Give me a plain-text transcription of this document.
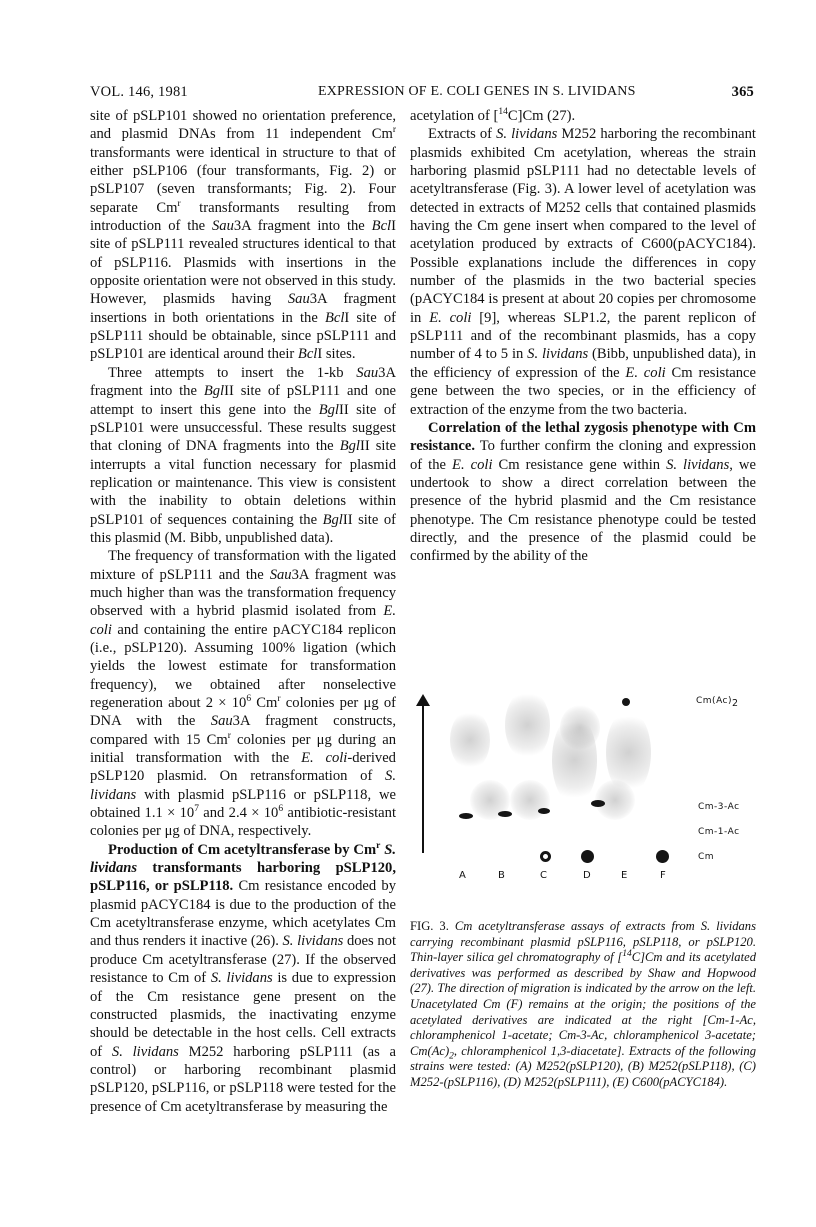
VOL. 146, 1981	EXPRESSION OF E. COLI GENES IN S. LIVIDANS	365

site of pSLP101 showed no orientation preference, and plasmid DNAs from 11 independent Cm$^r$ transformants were identical in structure to that of either pSLP106 (four transformants, Fig. 2) or pSLP107 (seven transformants; Fig. 2). Four separate Cm$^r$ transformants resulting from introduction of the Sau3A fragment into the BclI site of pSLP111 revealed structures identical to that of pSLP116. Plasmids with insertions in the opposite orientation were not observed in this study. However, plasmids having Sau3A fragment insertions in both orientations in the BclI site of pSLP111 should be obtainable, since pSLP111 and pSLP101 are identical around their BclI sites.

Three attempts to insert the 1-kb Sau3A fragment into the BglII site of pSLP111 and one attempt to insert this gene into the BglII site of pSLP101 were unsuccessful. These results suggest that cloning of DNA fragments into the BglII site interrupts a vital function necessary for plasmid replication or maintenance. This view is consistent with the inability to obtain deletions within pSLP101 of sequences containing the BglII site of this plasmid (M. Bibb, unpublished data).

The frequency of transformation with the ligated mixture of pSLP111 and the Sau3A fragment was much higher than was the transformation frequency observed with a hybrid plasmid isolated from E. coli and containing the entire pACYC184 replicon (i.e., pSLP120). Assuming 100% ligation (which yields the lowest estimate for transformation frequency), we obtained after nonselective regeneration about $2 \times 10^6$ Cm$^r$ colonies per μg of DNA with the Sau3A fragment constructs, compared with 15 Cm$^r$ colonies per μg during an initial transformation with the E. coli-derived pSLP120 plasmid. On retransformation of S. lividans with plasmid pSLP116 or pSLP118, we obtained $1.1 \times 10^7$ and $2.4 \times 10^6$ antibiotic-resistant colonies per μg of DNA, respectively.

Production of Cm acetyltransferase by Cm$^r$ S. lividans transformants harboring pSLP120, pSLP116, or pSLP118. Cm resistance encoded by plasmid pACYC184 is due to the production of the Cm acetyltransferase enzyme, which acetylates Cm and thus renders it inactive (26). S. lividans does not produce Cm acetyltransferase (27). If the observed resistance to Cm of S. lividans is due to expression of the Cm resistance gene present on the constructed plasmids, the inactivating enzyme should be detectable in the host cells. Cell extracts of S. lividans M252 harboring pSLP111 (as a control) or harboring recombinant plasmid pSLP120, pSLP116, or pSLP118 were tested for the presence of Cm acetyltransferase by measuring the

acetylation of [$^{14}$C]Cm (27).

Extracts of S. lividans M252 harboring the recombinant plasmids exhibited Cm acetylation, whereas the strain harboring plasmid pSLP111 had no detectable levels of acetyltransferase (Fig. 3). A lower level of acetylation was detected in extracts of M252 cells that contained plasmids having the Cm gene insert when compared to the level of acetylation produced by extracts of C600(pACYC184). Possible explanations include the differences in copy number of the plasmids in the two bacterial species (pACYC184 is present at about 20 copies per chromosome in E. coli [9], whereas SLP1.2, the parent replicon of pSLP111 and of the recombinant plasmids, has a copy number of 4 to 5 in S. lividans (Bibb, unpublished data), in the efficiency of expression of the E. coli Cm resistance gene between the two species, or in the efficiency of extraction of the enzyme from the two bacteria.

Correlation of the lethal zygosis phenotype with Cm resistance. To further confirm the cloning and expression of the E. coli Cm resistance gene within S. lividans, we undertook to show a direct correlation between the presence of the hybrid plasmid and the Cm resistance phenotype. The Cm resistance phenotype could be tested directly, and the presence of the plasmid could be confirmed by the ability of the

$Cm(Ac)_2$
Cm-3-Ac
Cm-1-Ac
Cm
A	B	C	D	E	F
FIG. 3. Cm acetyltransferase assays of extracts from S. lividans carrying recombinant plasmid pSLP116, pSLP118, or pSLP120. Thin-layer silica gel chromatography of [$^{14}$C]Cm and its acetylated derivatives was performed as described by Shaw and Hopwood (27). The direction of migration is indicated by the arrow on the left. Unacetylated Cm (F) remains at the origin; the positions of the acetylated derivatives are indicated at the right [Cm-1-Ac, chloramphenicol 1-acetate; Cm-3-Ac, chloramphenicol 3-acetate; $Cm(Ac)_2$, chloramphenicol 1,3-diacetate]. Extracts of the following strains were tested: (A) M252(pSLP120), (B) M252(pSLP118), (C) M252-(pSLP116), (D) M252(pSLP111), (E) C600(pACYC184).
